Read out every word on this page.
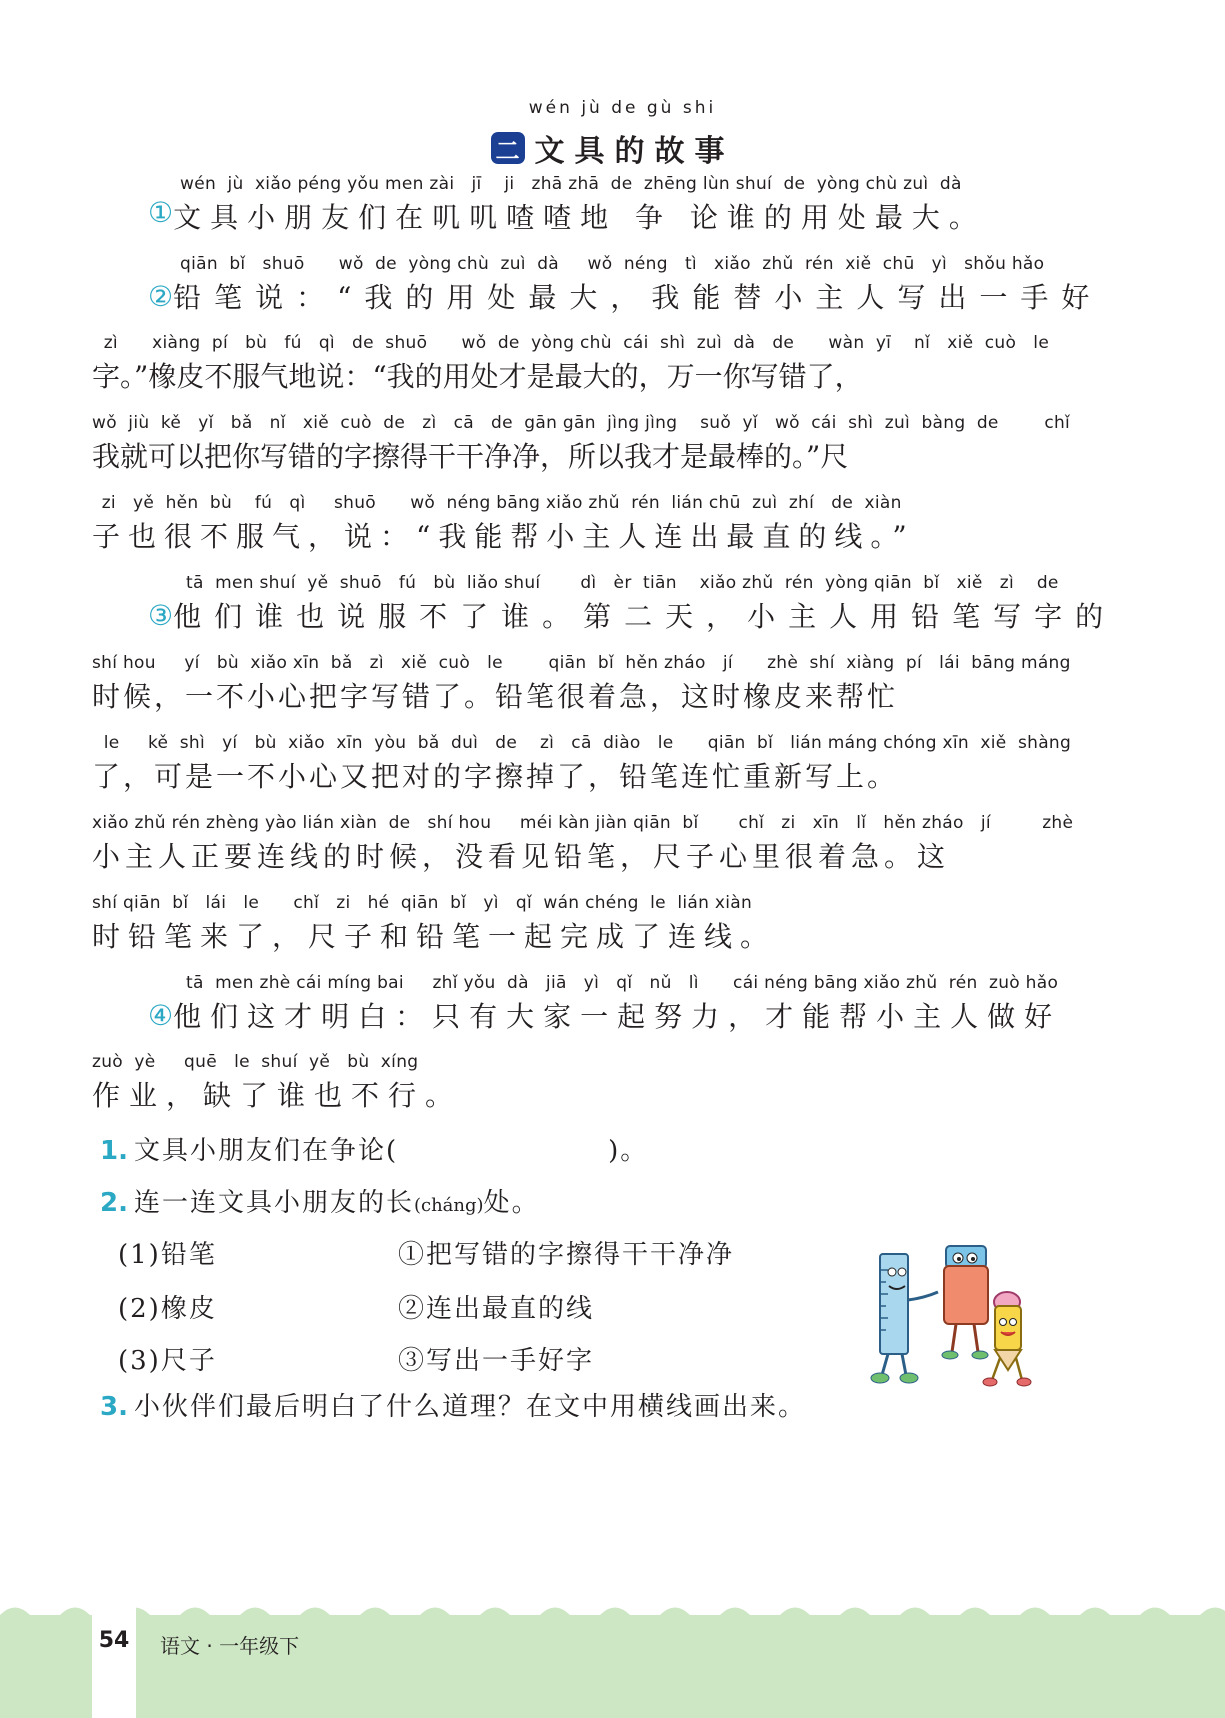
wén jù de gù shi
二 文具的故事
wén  jù  xiǎo péng yǒu men zài   jī    ji   zhā zhā  de  zhēng lùn shuí  de  yòng chù zuì  dà
① 文具小朋友们在叽叽喳喳地 争 论谁的用处最大。
qiān  bǐ   shuō      wǒ  de  yòng chù  zuì  dà     wǒ  néng   tì   xiǎo  zhǔ  rén  xiě  chū   yì   shǒu hǎo
② 铅笔说：“我的用处最大，我能替小主人写出一手好
zì      xiàng  pí   bù   fú   qì   de  shuō      wǒ  de  yòng chù  cái  shì  zuì  dà   de      wàn  yī    nǐ   xiě  cuò   le
字。”橡皮不服气地说：“我的用处才是最大的，万一你写错了，
wǒ  jiù  kě   yǐ   bǎ   nǐ   xiě  cuò  de   zì   cā   de  gān gān  jìng jìng    suǒ  yǐ   wǒ  cái  shì  zuì  bàng  de        chǐ
我就可以把你写错的字擦得干干净净，所以我才是最棒的。”尺
zi   yě  hěn  bù    fú   qì     shuō      wǒ  néng bāng xiǎo zhǔ  rén  lián chū  zuì  zhí   de  xiàn
子也很不服气，说：“我能帮小主人连出最直的线。”
tā  men shuí  yě  shuō   fú   bù  liǎo shuí       dì   èr  tiān    xiǎo zhǔ  rén  yòng qiān  bǐ   xiě   zì    de
③ 他们谁也说服不了谁。第二天，小主人用铅笔写字的
shí hou     yí   bù  xiǎo xīn  bǎ   zì   xiě  cuò   le        qiān  bǐ  hěn zháo   jí      zhè  shí  xiàng  pí   lái  bāng máng
时候，一不小心把字写错了。铅笔很着急，这时橡皮来帮忙
le     kě  shì   yí   bù  xiǎo  xīn  yòu  bǎ  duì   de    zì   cā  diào   le      qiān  bǐ   lián máng chóng xīn  xiě  shàng
了，可是一不小心又把对的字擦掉了，铅笔连忙重新写上。
xiǎo zhǔ rén zhèng yào lián xiàn  de   shí hou     méi kàn jiàn qiān  bǐ       chǐ   zi   xīn   lǐ   hěn zháo   jí         zhè
小主人正要连线的时候，没看见铅笔，尺子心里很着急。这
shí qiān  bǐ   lái   le      chǐ   zi   hé  qiān  bǐ   yì   qǐ  wán chéng  le  lián xiàn
时铅笔来了，尺子和铅笔一起完成了连线。
tā  men zhè cái míng bai     zhǐ yǒu  dà   jiā   yì   qǐ   nǔ   lì      cái néng bāng xiǎo zhǔ  rén  zuò hǎo
④ 他们这才明白：只有大家一起努力，才能帮小主人做好
zuò  yè     quē   le  shuí  yě   bù  xíng
作业，缺了谁也不行。
1. 文具小朋友们在争论(	)。
2. 连一连文具小朋友的长(cháng)处。
(1)铅笔
(2)橡皮
(3)尺子
①把写错的字擦得干干净净
②连出最直的线
③写出一手好字
3. 小伙伴们最后明白了什么道理？在文中用横线画出来。
54	语文 · 一年级下
